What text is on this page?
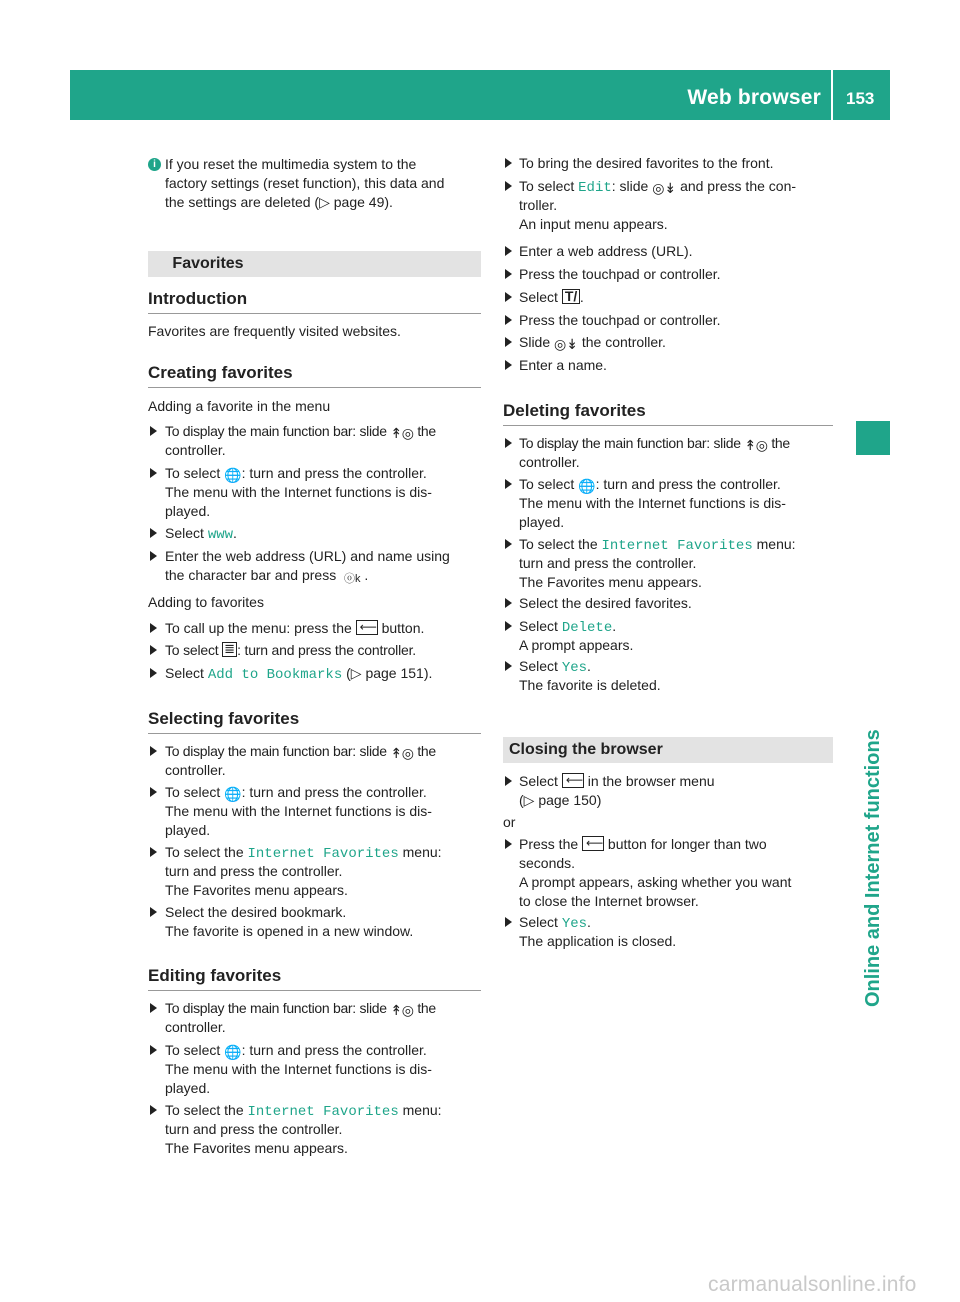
Web browser 153
Online and Internet functions
i If you reset the multimedia system to the
factory settings (reset function), this data and
the settings are deleted (▷ page 49).
Favorites
Introduction
Favorites are frequently visited websites.
Creating favorites
Adding a favorite in the menu
To display the main function bar: slide ↟◎ the
controller.
To select 🌐: turn and press the controller.
The menu with the Internet functions is dis-
played.
Select www.
Enter the web address (URL) and name using
the character bar and press ⓞk .
Adding to favorites
To call up the menu: press the ⟵ button.
To select ≣ : turn and press the controller.
Select Add to Bookmarks (▷ page 151).
Selecting favorites
To display the main function bar: slide ↟◎ the
controller.
To select 🌐: turn and press the controller.
The menu with the Internet functions is dis-
played.
To select the Internet Favorites menu:
turn and press the controller.
The Favorites menu appears.
Select the desired bookmark.
The favorite is opened in a new window.
Editing favorites
To display the main function bar: slide ↟◎ the
controller.
To select 🌐: turn and press the controller.
The menu with the Internet functions is dis-
played.
To select the Internet Favorites menu:
turn and press the controller.
The Favorites menu appears.
To bring the desired favorites to the front.
To select Edit: slide ◎↡ and press the con-
troller.
An input menu appears.
Enter a web address (URL).
Press the touchpad or controller.
Select T/ .
Press the touchpad or controller.
Slide ◎↡ the controller.
Enter a name.
Deleting favorites
To display the main function bar: slide ↟◎ the
controller.
To select 🌐: turn and press the controller.
The menu with the Internet functions is dis-
played.
To select the Internet Favorites menu:
turn and press the controller.
The Favorites menu appears.
Select the desired favorites.
Select Delete.
A prompt appears.
Select Yes.
The favorite is deleted.
Closing the browser
Select ⟵ in the browser menu
(▷ page 150)
or
Press the ⟵ button for longer than two
seconds.
A prompt appears, asking whether you want
to close the Internet browser.
Select Yes.
The application is closed.
carmanualsonline.info
